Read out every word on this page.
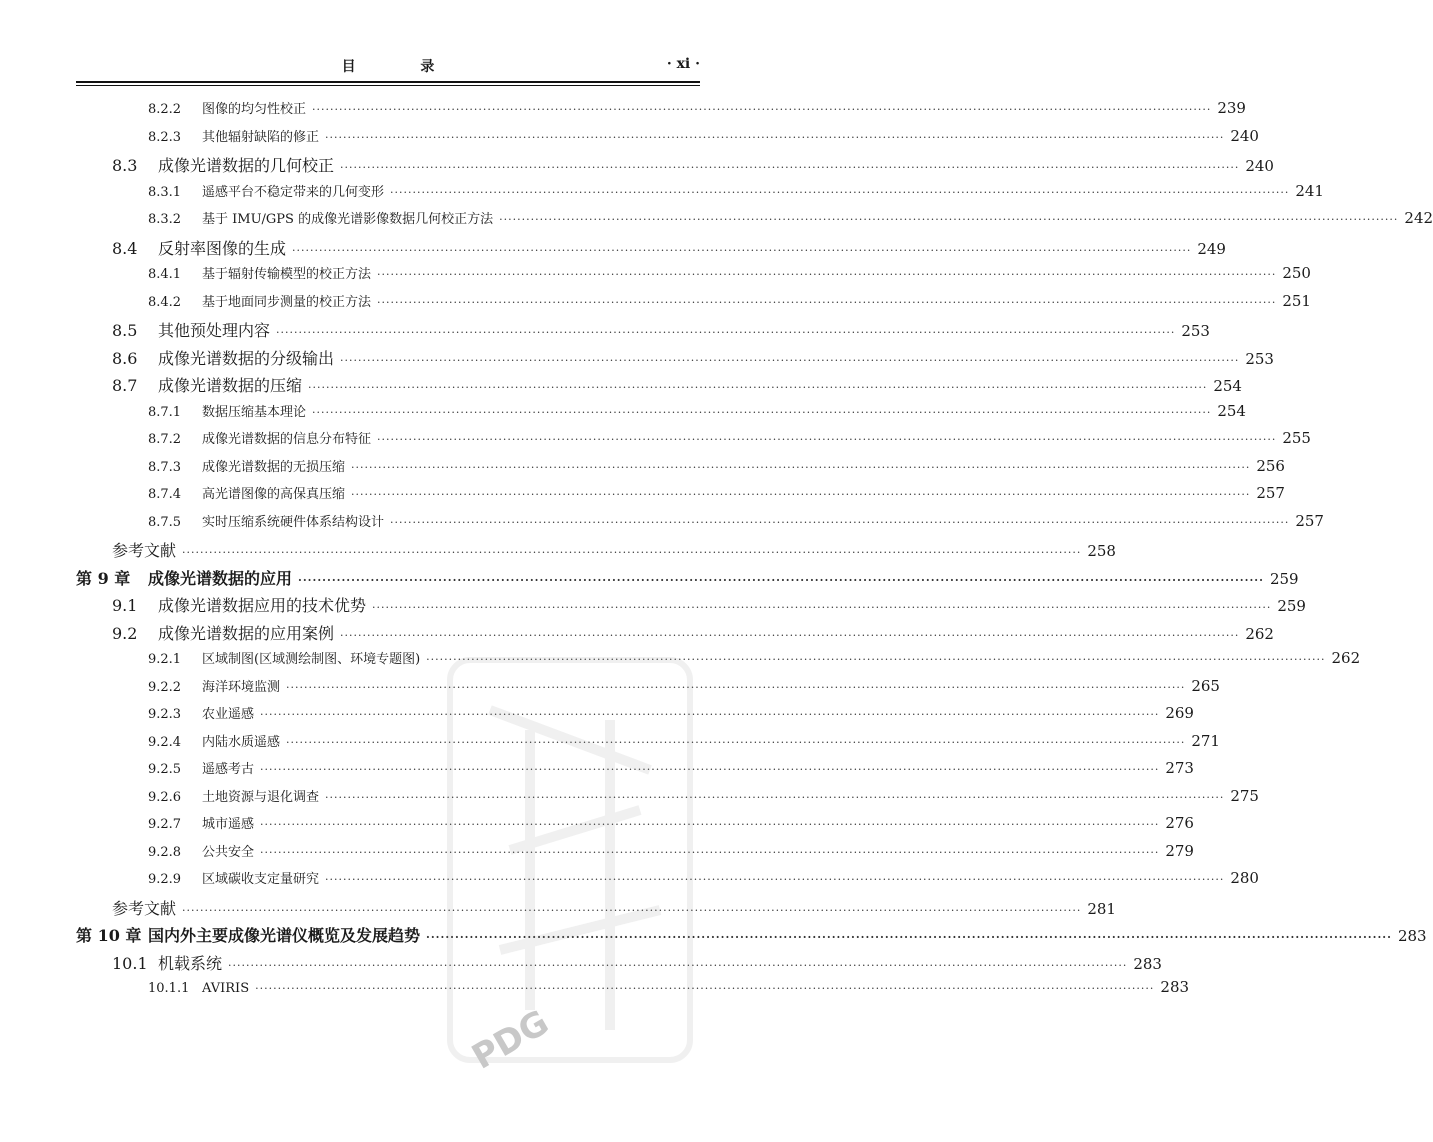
目 录	· xi ·
8.2.2	图像的均匀性校正 ········································································································································································································ 239
8.2.3	其他辐射缺陷的修正 ········································································································································································································ 240
8.3	成像光谱数据的几何校正 ········································································································································································································ 240
8.3.1	遥感平台不稳定带来的几何变形 ········································································································································································································ 241
8.3.2	基于 IMU/GPS 的成像光谱影像数据几何校正方法 ········································································································································································································ 242
8.4	反射率图像的生成 ········································································································································································································ 249
8.4.1	基于辐射传输模型的校正方法 ········································································································································································································ 250
8.4.2	基于地面同步测量的校正方法 ········································································································································································································ 251
8.5	其他预处理内容 ········································································································································································································ 253
8.6	成像光谱数据的分级输出 ········································································································································································································ 253
8.7	成像光谱数据的压缩 ········································································································································································································ 254
8.7.1	数据压缩基本理论 ········································································································································································································ 254
8.7.2	成像光谱数据的信息分布特征 ········································································································································································································ 255
8.7.3	成像光谱数据的无损压缩 ········································································································································································································ 256
8.7.4	高光谱图像的高保真压缩 ········································································································································································································ 257
8.7.5	实时压缩系统硬件体系结构设计 ········································································································································································································ 257
参考文献 ········································································································································································································ 258
第 9 章	成像光谱数据的应用 ········································································································································································································ 259
9.1	成像光谱数据应用的技术优势 ········································································································································································································ 259
9.2	成像光谱数据的应用案例 ········································································································································································································ 262
9.2.1	区域制图(区域测绘制图、环境专题图) ········································································································································································································ 262
9.2.2	海洋环境监测 ········································································································································································································ 265
9.2.3	农业遥感 ········································································································································································································ 269
9.2.4	内陆水质遥感 ········································································································································································································ 271
9.2.5	遥感考古 ········································································································································································································ 273
9.2.6	土地资源与退化调查 ········································································································································································································ 275
9.2.7	城市遥感 ········································································································································································································ 276
9.2.8	公共安全 ········································································································································································································ 279
9.2.9	区域碳收支定量研究 ········································································································································································································ 280
参考文献 ········································································································································································································ 281
第 10 章 国内外主要成像光谱仪概览及发展趋势 ········································································································································································································ 283
10.1 机载系统 ········································································································································································································ 283
10.1.1 AVIRIS ········································································································································································································ 283
PDG
